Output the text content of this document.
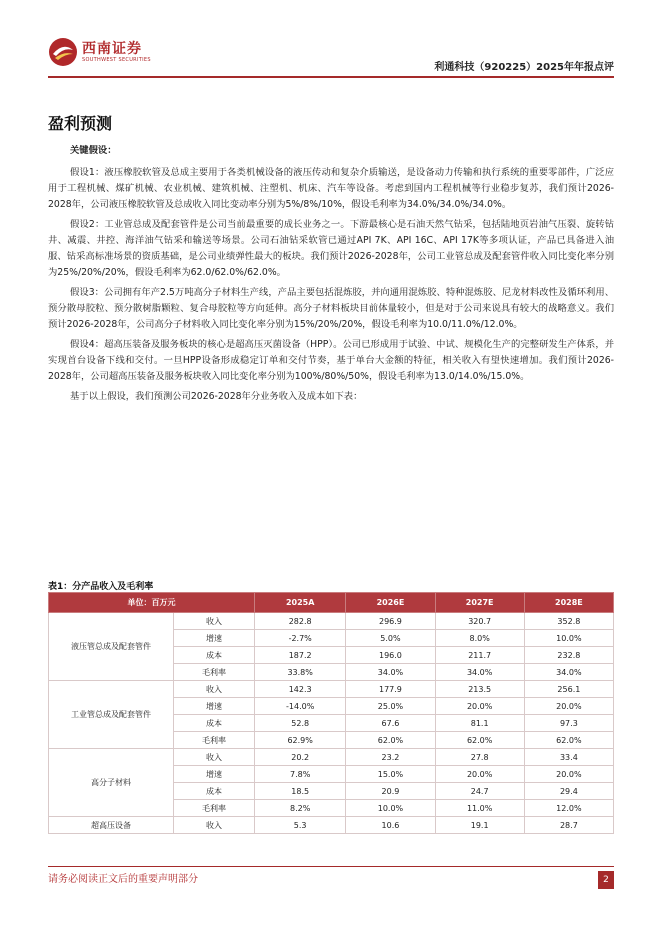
西南证券
SOUTHWEST SECURITIES
利通科技（920225）2025年年报点评
盈利预测

关键假设：

假设1：液压橡胶软管及总成主要用于各类机械设备的液压传动和复杂介质输送，是设备动力传输和执行系统的重要零部件，广泛应用于工程机械、煤矿机械、农业机械、建筑机械、注塑机、机床、汽车等设备。考虑到国内工程机械等行业稳步复苏，我们预计2026-2028年，公司液压橡胶软管及总成收入同比变动率分别为5%/8%/10%，假设毛利率为34.0%/34.0%/34.0%。

假设2：工业管总成及配套管件是公司当前最重要的成长业务之一。下游最核心是石油天然气钻采，包括陆地页岩油气压裂、旋转钻井、减震、井控、海洋油气钻采和输送等场景。公司石油钻采软管已通过API 7K、API 16C、API 17K等多项认证，产品已具备进入油服、钻采高标准场景的资质基础，是公司业绩弹性最大的板块。我们预计2026-2028年，公司工业管总成及配套管件收入同比变化率分别为25%/20%/20%，假设毛利率为62.0/62.0%/62.0%。

假设3：公司拥有年产2.5万吨高分子材料生产线，产品主要包括混炼胶，并向通用混炼胶、特种混炼胶、尼龙材料改性及循环利用、预分散母胶粒、预分散树脂颗粒、复合母胶粒等方向延伸。高分子材料板块目前体量较小，但是对于公司来说具有较大的战略意义。我们预计2026-2028年，公司高分子材料收入同比变化率分别为15%/20%/20%，假设毛利率为10.0/11.0%/12.0%。

假设4：超高压装备及服务板块的核心是超高压灭菌设备（HPP）。公司已形成用于试验、中试、规模化生产的完整研发生产体系，并实现首台设备下线和交付。一旦HPP设备形成稳定订单和交付节奏，基于单台大金额的特征，相关收入有望快速增加。我们预计2026-2028年，公司超高压装备及服务板块收入同比变化率分别为100%/80%/50%，假设毛利率为13.0/14.0%/15.0%。

基于以上假设，我们预测公司2026-2028年分业务收入及成本如下表：

表1：分产品收入及毛利率
单位：百万元		2025A	2026E	2027E	2028E
液压管总成及配套管件	收入	282.8	296.9	320.7	352.8
	增速	-2.7%	5.0%	8.0%	10.0%
	成本	187.2	196.0	211.7	232.8
	毛利率	33.8%	34.0%	34.0%	34.0%
工业管总成及配套管件	收入	142.3	177.9	213.5	256.1
	增速	-14.0%	25.0%	20.0%	20.0%
	成本	52.8	67.6	81.1	97.3
	毛利率	62.9%	62.0%	62.0%	62.0%
高分子材料	收入	20.2	23.2	27.8	33.4
	增速	7.8%	15.0%	20.0%	20.0%
	成本	18.5	20.9	24.7	29.4
	毛利率	8.2%	10.0%	11.0%	12.0%
超高压设备	收入	5.3	10.6	19.1	28.7
请务必阅读正文后的重要声明部分	2
